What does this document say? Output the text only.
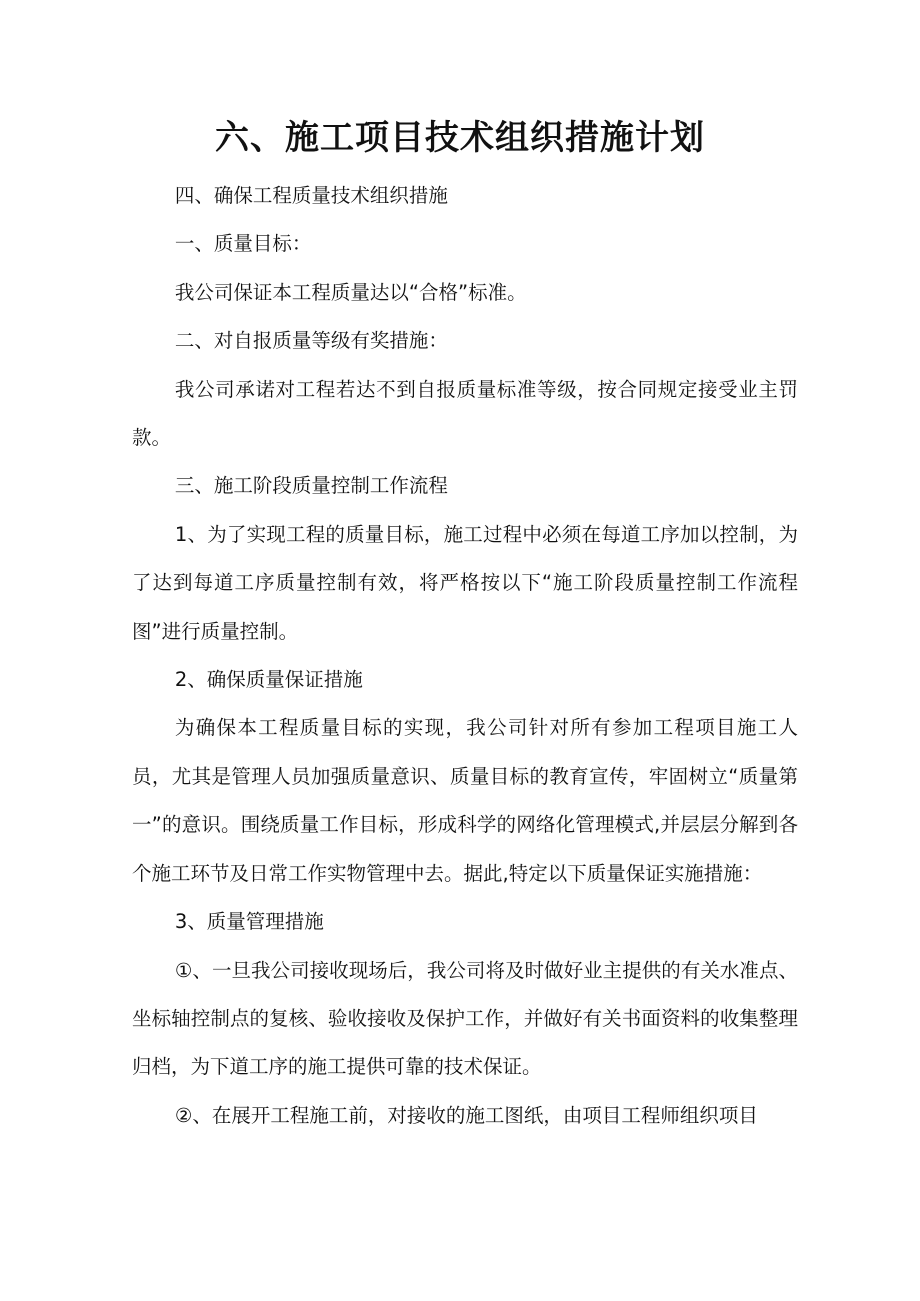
六、施工项目技术组织措施计划

四、确保工程质量技术组织措施

一、质量目标：

我公司保证本工程质量达以“合格”标准。

二、对自报质量等级有奖措施：

我公司承诺对工程若达不到自报质量标准等级，按合同规定接受业主罚款。

三、施工阶段质量控制工作流程

1、为了实现工程的质量目标，施工过程中必须在每道工序加以控制，为了达到每道工序质量控制有效，将严格按以下“施工阶段质量控制工作流程图”进行质量控制。

2、确保质量保证措施

为确保本工程质量目标的实现，我公司针对所有参加工程项目施工人员，尤其是管理人员加强质量意识、质量目标的教育宣传，牢固树立“质量第一”的意识。围绕质量工作目标，形成科学的网络化管理模式,并层层分解到各个施工环节及日常工作实物管理中去。据此,特定以下质量保证实施措施：

3、质量管理措施

①、一旦我公司接收现场后，我公司将及时做好业主提供的有关水准点、坐标轴控制点的复核、验收接收及保护工作，并做好有关书面资料的收集整理归档，为下道工序的施工提供可靠的技术保证。

②、在展开工程施工前，对接收的施工图纸，由项目工程师组织项目
